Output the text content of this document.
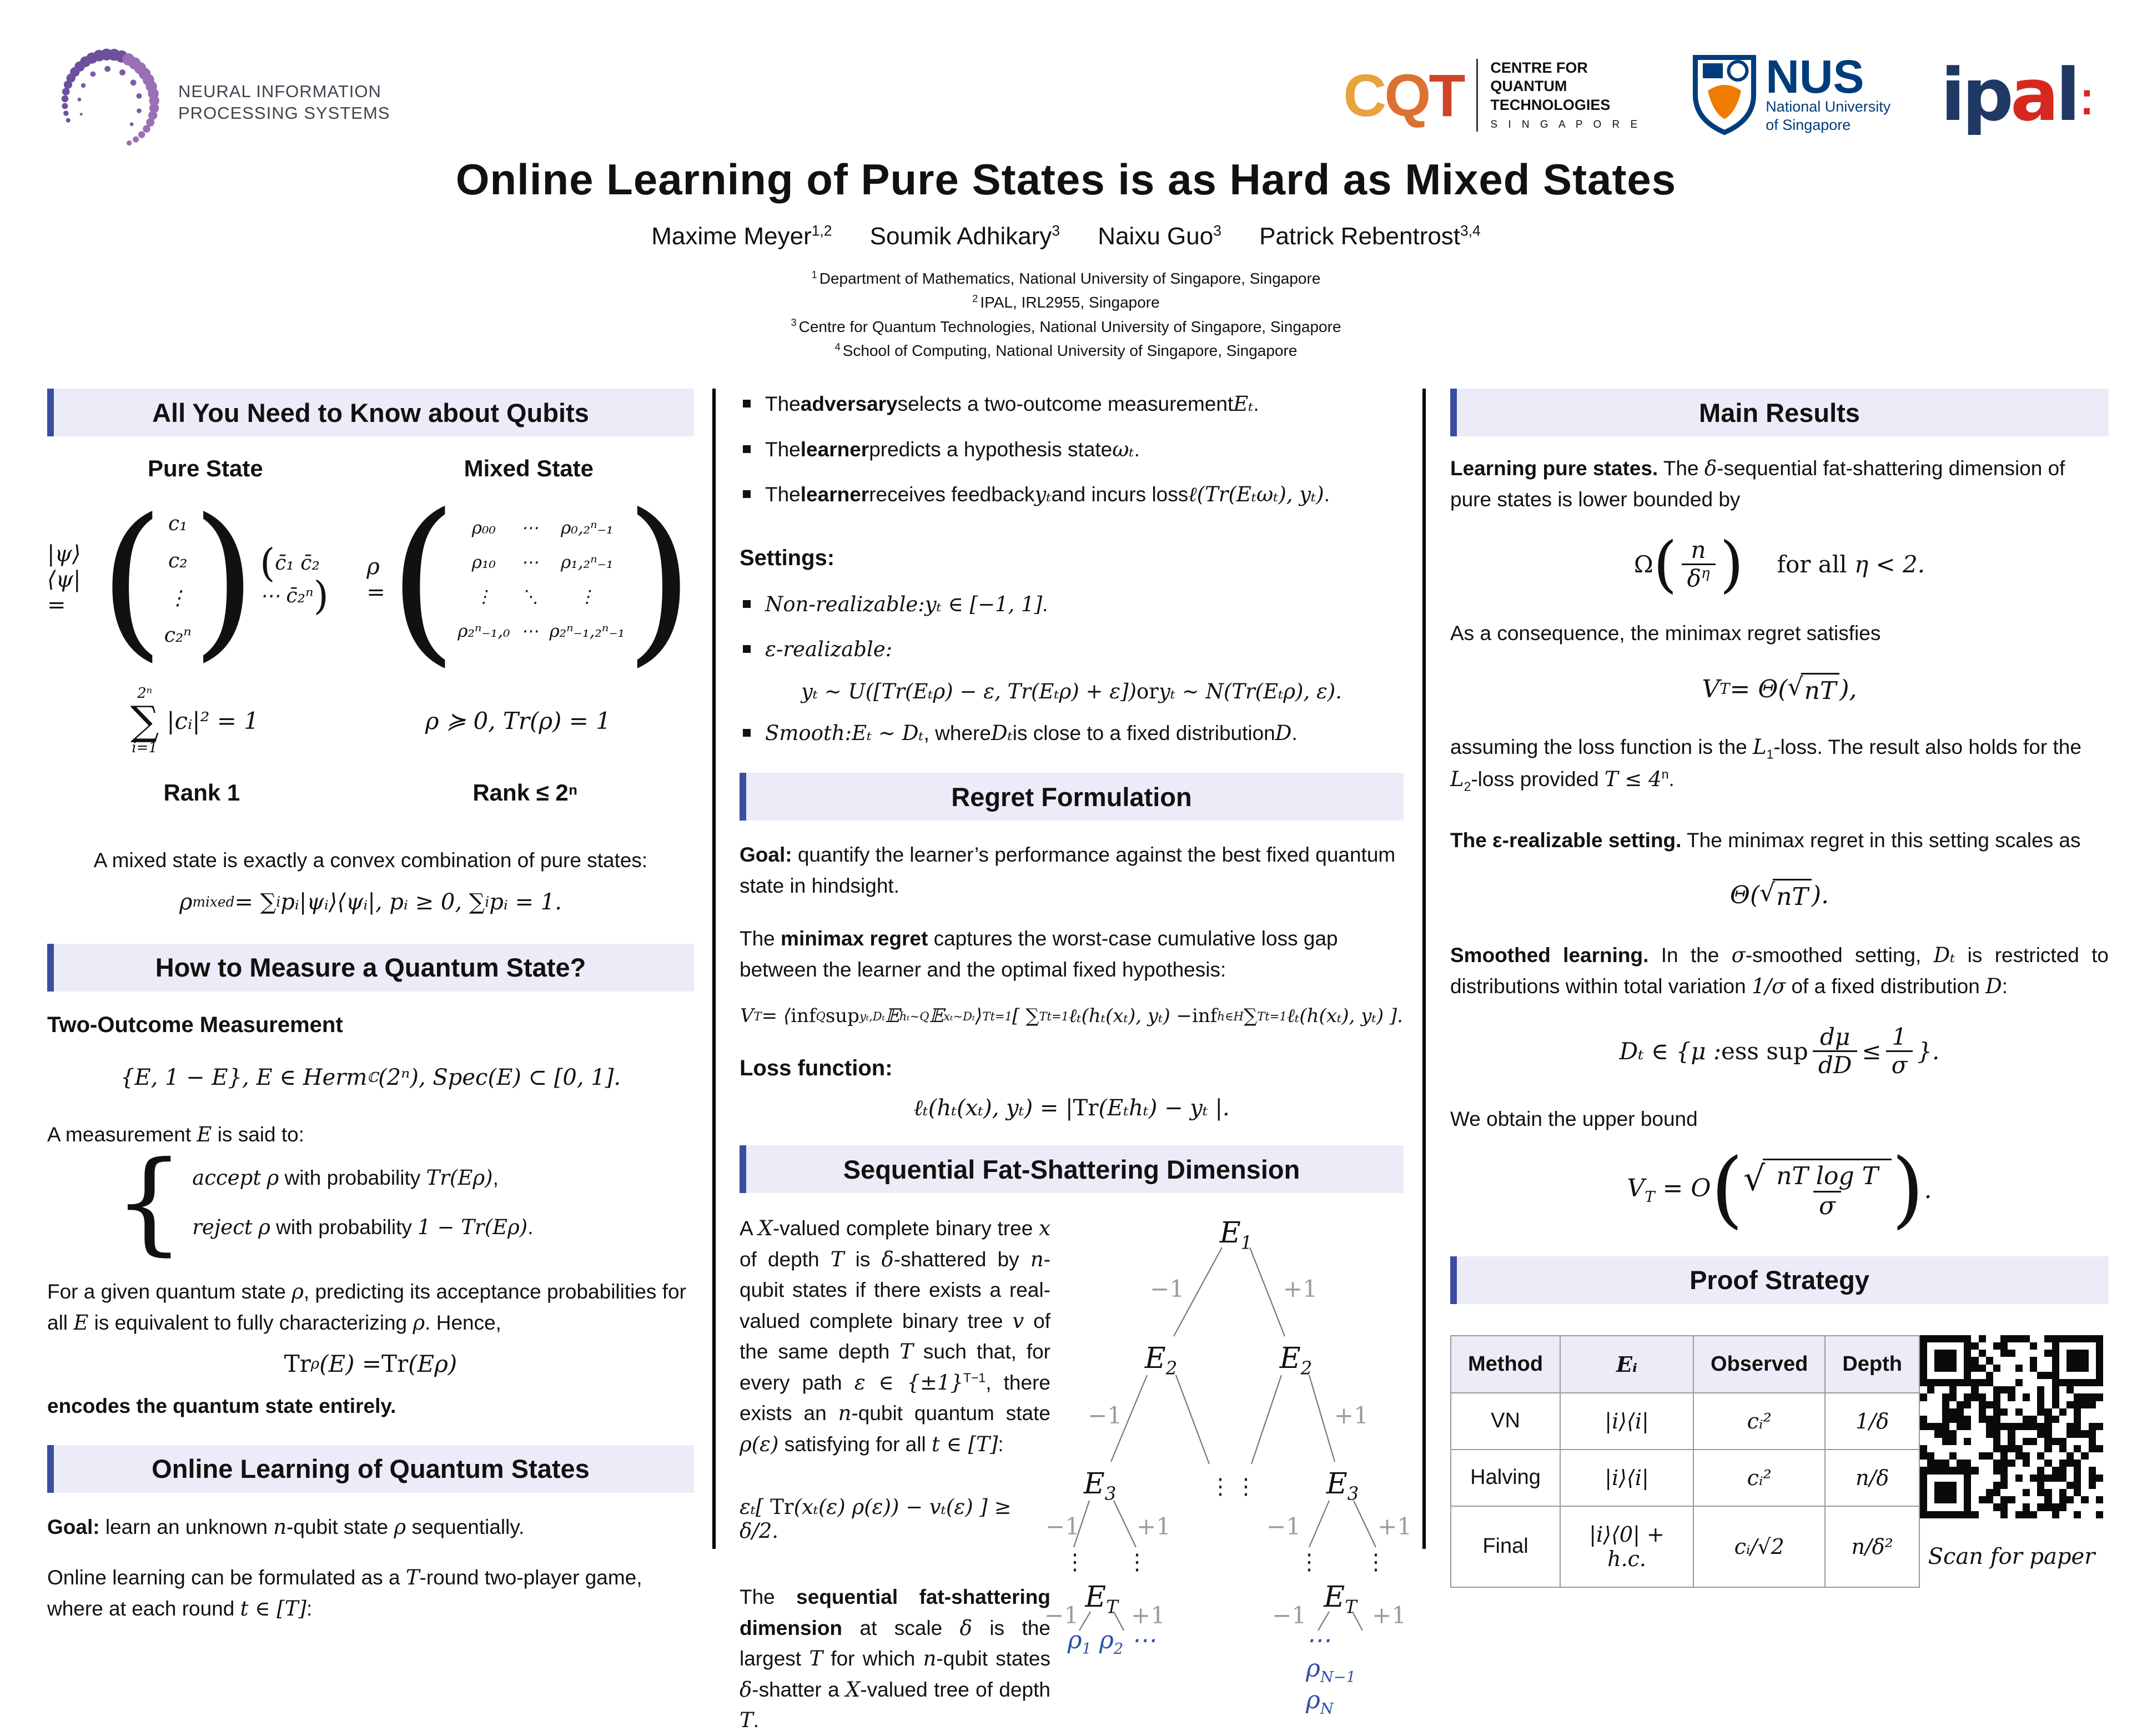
NEURAL INFORMATION
PROCESSING SYSTEMS	CQT CENTRE FOR
QUANTUM
TECHNOLOGIES
S I N G A P O R E
NUS
National University
of Singapore	ipal ⁚
Online Learning of Pure States is as Hard as Mixed States
Maxime Meyer$^{1,2}$ Soumik Adhikary$^3$ Naixu Guo$^3$ Patrick Rebentrost$^{3,4}$
$^1$ Department of Mathematics, National University of Singapore, Singapore
$^2$ IPAL, IRL2955, Singapore
$^3$ Centre for Quantum Technologies, National University of Singapore, Singapore
$^4$ School of Computing, National University of Singapore, Singapore
All You Need to Know about Qubits
Pure State	Mixed State
|ψ⟩⟨ψ| = ( c₁
c₂
⋮
c₂ⁿ ) (c̄₁ c̄₂ ⋯ c̄₂ⁿ)
ρ = ( ρ₀₀ ⋯ ρ₀,₂ⁿ₋₁
ρ₁₀ ⋯ ρ₁,₂ⁿ₋₁
⋮ ⋱ ⋮
ρ₂ⁿ₋₁,₀ ⋯ ρ₂ⁿ₋₁,₂ⁿ₋₁ )
2ⁿ
∑
i=1
|cᵢ|² = 1	ρ ≽ 0, Tr(ρ) = 1
Rank 1	Rank ≤ 2ⁿ
A mixed state is exactly a convex combination of pure states:
ρ mixed = ∑ i pᵢ|ψᵢ⟩⟨ψᵢ|, pᵢ ≥ 0, ∑ i pᵢ = 1.
How to Measure a Quantum State?
Two-Outcome Measurement
{E, 1 − E}, E ∈ Herm ℂ (2ⁿ), Spec(E) ⊂ [0, 1].
A measurement E is said to:
{ accept ρ with probability Tr(Eρ),
reject ρ with probability 1 − Tr(Eρ).
For a given quantum state ρ, predicting its acceptance probabilities for all E is equivalent to fully characterizing ρ. Hence,
Tr ρ (E) = Tr (Eρ)
encodes the quantum state entirely.
Online Learning of Quantum States
Goal: learn an unknown n-qubit state ρ sequentially.
Online learning can be formulated as a T-round two-player game, where at each round t ∈ [T]:
The adversary selects a two-outcome measurement Eₜ .
The learner predicts a hypothesis state ωₜ .
The learner receives feedback yₜ and incurs loss ℓ(Tr(Eₜωₜ), yₜ) .
Settings:
Non-realizable: yₜ ∈ [−1, 1] .
ε-realizable:
yₜ ∼ U([Tr(Eₜρ) − ε, Tr(Eₜρ) + ε]) or yₜ ∼ N(Tr(Eₜρ), ε).
Smooth: Eₜ ∼ Dₜ , where Dₜ is close to a fixed distribution D .
Regret Formulation
Goal: quantify the learner’s performance against the best fixed quantum state in hindsight.
The minimax regret captures the worst-case cumulative loss gap between the learner and the optimal fixed hypothesis:
V T = ⟨ inf Q sup yₜ,Dₜ 𝔼 hₜ∼Q 𝔼 xₜ∼Dₜ ⟩ T t=1 [ ∑ T t=1 ℓₜ(hₜ(xₜ), yₜ) − inf h∈H ∑ T t=1 ℓₜ(h(xₜ), yₜ) ].
Loss function:
ℓₜ(hₜ(xₜ), yₜ) = | Tr (Eₜhₜ) − yₜ |.
Sequential Fat-Shattering Dimension
A X-valued complete binary tree x of depth T is δ-shattered by n-qubit states if there exists a real-valued complete binary tree v of the same depth T such that, for every path ε ∈ $\{\pm 1\}^{T-1}$, there exists an n-qubit quantum state ρ(ε) satisfying for all t ∈ [T]:
εₜ[ Tr(xₜ(ε) ρ(ε)) − vₜ(ε) ] ≥ δ/2.
The sequential fat-shattering dimension at scale δ is the largest T for which n-qubit states δ-shatter a X-valued tree of depth T.
$E_1$
−1	+1
$E_2$	$E_2$
−1	+1
$E_3$	⋮ ⋮ $E_3$
−1 +1	−1	+1
⋮ ⋮	⋮ ⋮
$E_T$	$E_T$
−1 +1	−1	+1
$\rho_1$ $\rho_2$ ⋯	⋯ $\rho_{N-1}$ $\rho_N$
Main Results
Learning pure states. The δ-sequential fat-shattering dimension of pure states is lower bounded by
Ω ( $\frac{n}{\delta^\eta}$ ) for all η < 2.
As a consequence, the minimax regret satisfies
V T = Θ( √ nT ),
assuming the loss function is the $L_1$-loss. The result also holds for the $L_2$-loss provided $T \le 4^n$.
The ε-realizable setting. The minimax regret in this setting scales as
Θ( √ nT ).
Smoothed learning. In the σ-smoothed setting, Dₜ is restricted to distributions within total variation 1/σ of a fixed distribution D:
Dₜ ∈ {μ : ess sup $\frac{d\mu}{dD} \le \frac{1}{\sigma}$ }.
We obtain the upper bound
$V_T = O$ ( √ $\frac{\text{nT log T}}{\sigma}$ ) .
Proof Strategy
Method	Eᵢ	Observed	Depth
VN	|i⟩⟨i|	cᵢ²	1/δ
Halving	|i⟩⟨i|	cᵢ²	n/δ
Final	|i⟩⟨0| + h.c.	cᵢ/√2	n/δ² Scan for paper
